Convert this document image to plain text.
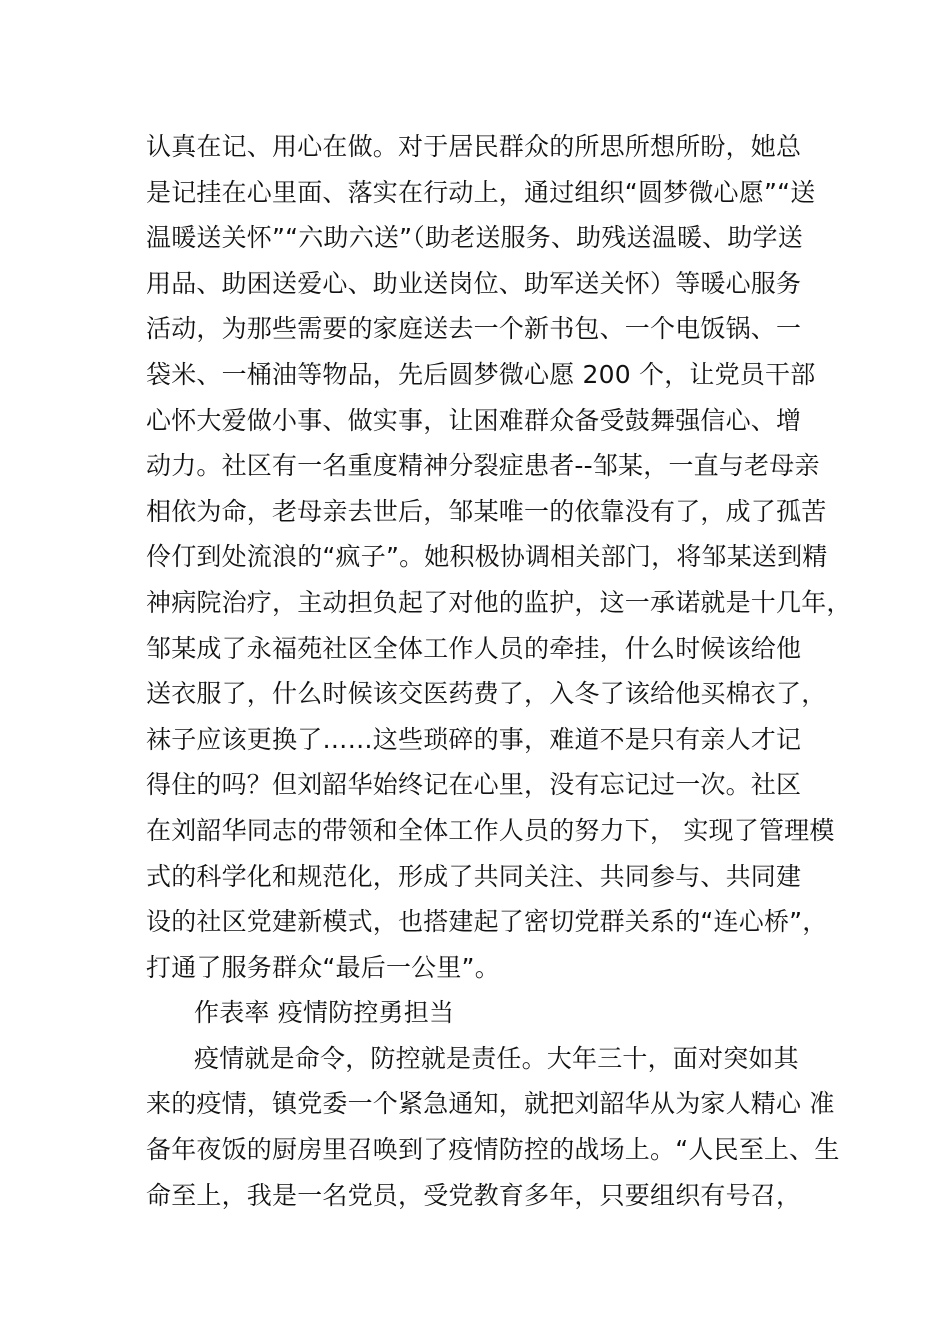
认真在记、用心在做。对于居民群众的所思所想所盼，她总
是记挂在心里面、落实在行动上，通过组织“圆梦微心愿”“送
温暖送关怀”“六助六送”（助老送服务、助残送温暖、助学送
用品、助困送爱心、助业送岗位、助军送关怀）等暖心服务
活动，为那些需要的家庭送去一个新书包、一个电饭锅、一
袋米、一桶油等物品，先后圆梦微心愿 200 个，让党员干部
心怀大爱做小事、做实事，让困难群众备受鼓舞强信心、增
动力。社区有一名重度精神分裂症患者--邹某，一直与老母亲
相依为命，老母亲去世后，邹某唯一的依靠没有了，成了孤苦
伶仃到处流浪的“疯子”。她积极协调相关部门，将邹某送到精
神病院治疗，主动担负起了对他的监护，这一承诺就是十几年，
邹某成了永福苑社区全体工作人员的牵挂，什么时候该给他
送衣服了，什么时候该交医药费了，入冬了该给他买棉衣了，
袜子应该更换了……这些琐碎的事，难道不是只有亲人才记
得住的吗？但刘韶华始终记在心里，没有忘记过一次。社区
在刘韶华同志的带领和全体工作人员的努力下， 实现了管理模
式的科学化和规范化，形成了共同关注、共同参与、共同建
设的社区党建新模式，也搭建起了密切党群关系的“连心桥”，
打通了服务群众“最后一公里”。
作表率 疫情防控勇担当
疫情就是命令，防控就是责任。大年三十，面对突如其
来的疫情，镇党委一个紧急通知，就把刘韶华从为家人精心 准
备年夜饭的厨房里召唤到了疫情防控的战场上。“人民至上、生
命至上，我是一名党员，受党教育多年，只要组织有号召，
